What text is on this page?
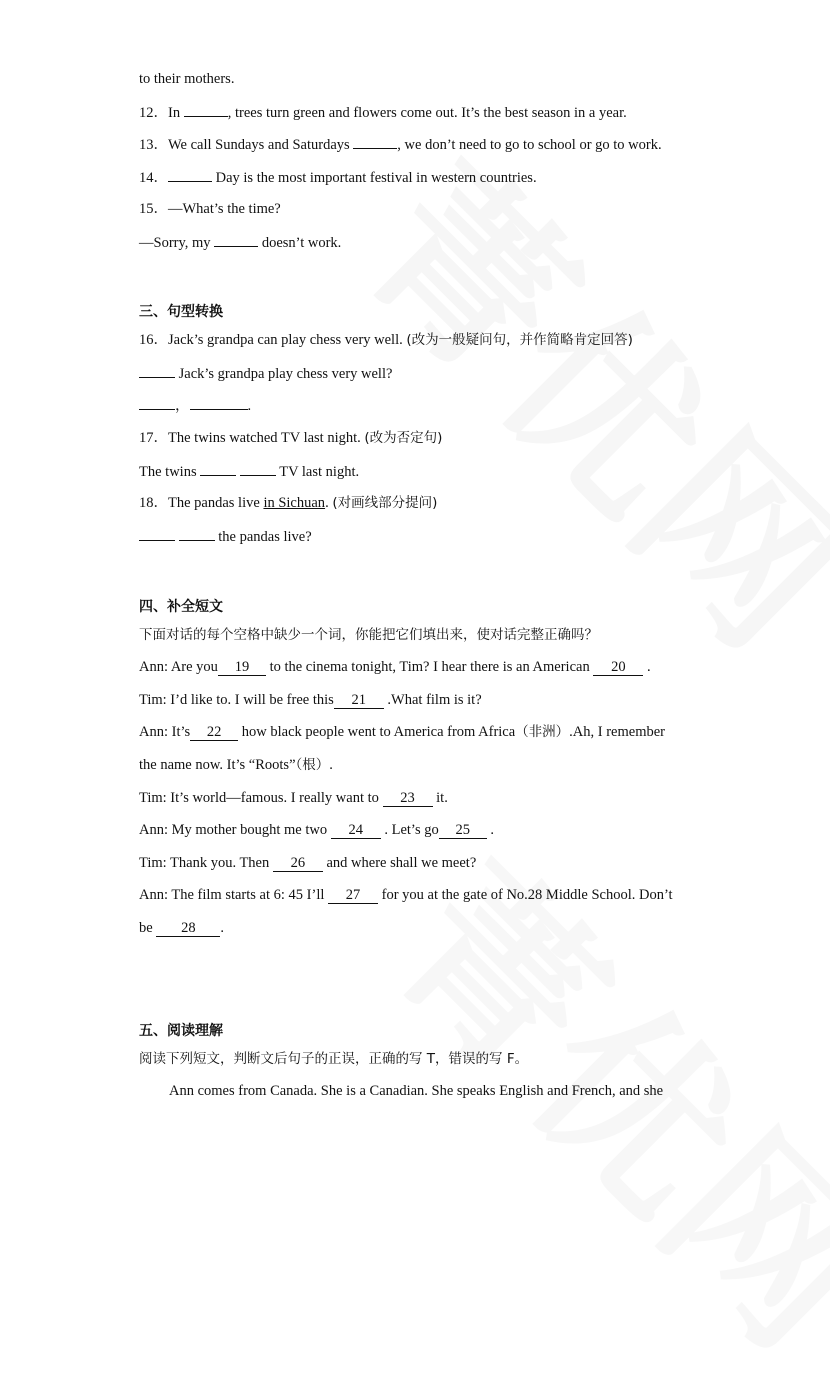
to their mothers.
12．In	, trees turn green and flowers come out. It’s the best season in a year.
13．We call Sundays and Saturdays	, we don’t need to go to school or go to work.
14．	Day is the most important festival in western countries.
15．—What’s the time?
—Sorry, my	doesn’t work.
三、句型转换
16．Jack’s grandpa can play chess very well. (改为一般疑问句，并作简略肯定回答)
Jack’s grandpa play chess very well?
，	.
17．The twins watched TV last night. (改为否定句)
The twins	TV last night.
18．The pandas live in Sichuan. (对画线部分提问)
the pandas live?
四、补全短文
下面对话的每个空格中缺少一个词，你能把它们填出来，使对话完整正确吗？
Ann: Are you 19 to the cinema tonight, Tim? I hear there is an American 20 .
Tim: I’d like to. I will be free this 21 .What film is it?
Ann: It’s 22 how black people went to America from Africa（非洲）.Ah, I remember
the name now. It’s “Roots”（根）.
Tim: It’s world—famous. I really want to 23 it.
Ann: My mother bought me two 24 . Let’s go 25 .
Tim: Thank you. Then 26 and where shall we meet?
Ann: The film starts at 6: 45 I’ll 27 for you at the gate of No.28 Middle School. Don’t
be 28 .
五、阅读理解
阅读下列短文，判断文后句子的正误，正确的写 T，错误的写 F。
Ann comes from Canada. She is a Canadian. She speaks English and French, and she
